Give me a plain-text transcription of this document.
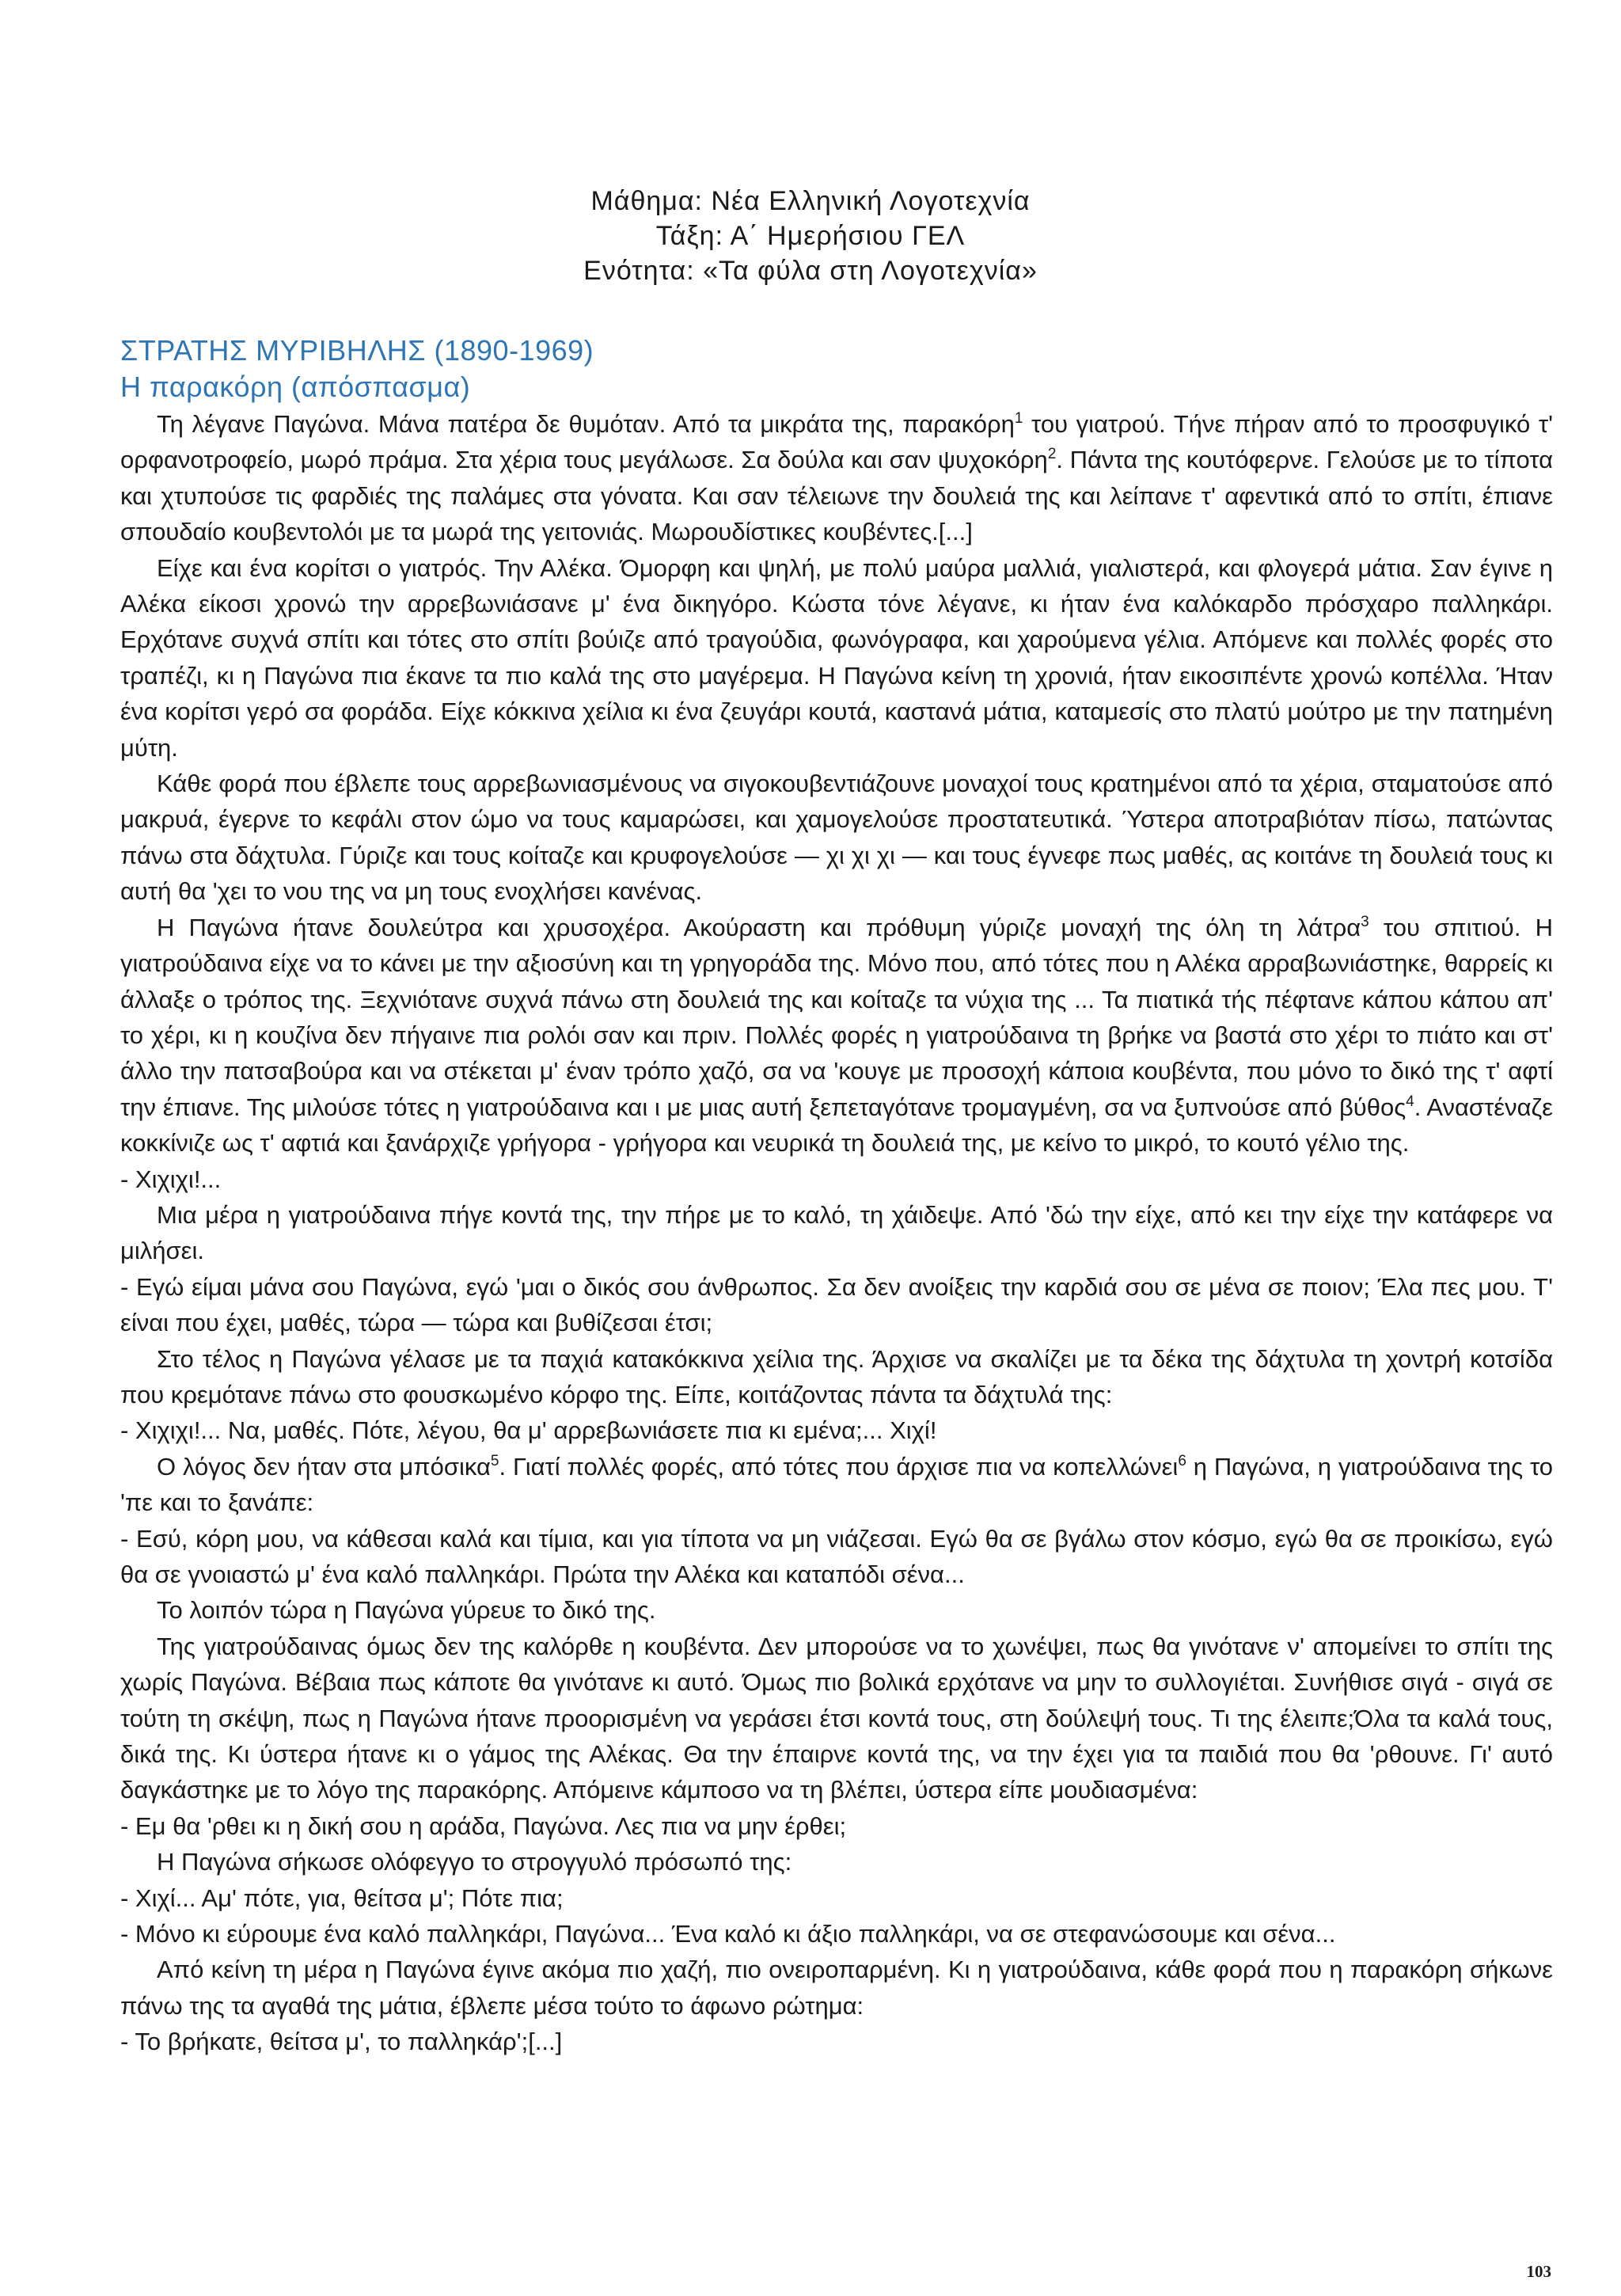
Μάθημα: Νέα Ελληνική Λογοτεχνία
Τάξη: Α΄ Ημερήσιου ΓΕΛ
Ενότητα: «Τα φύλα στη Λογοτεχνία»
ΣΤΡΑΤΗΣ ΜΥΡΙΒΗΛΗΣ (1890-1969)
Η παρακόρη (απόσπασμα)

Τη λέγανε Παγώνα. Μάνα πατέρα δε θυμόταν. Από τα μικράτα της, παρακόρη$^1$ του γιατρού. Τήνε πήραν από το προσφυγικό τ' ορφανοτροφείο, μωρό πράμα. Στα χέρια τους μεγάλωσε. Σα δούλα και σαν ψυχοκόρη$^2$. Πάντα της κουτόφερνε. Γελούσε με το τίποτα και χτυπούσε τις φαρδιές της παλάμες στα γόνατα. Και σαν τέλειωνε την δουλειά της και λείπανε τ' αφεντικά από το σπίτι, έπιανε σπουδαίο κουβεντολόι με τα μωρά της γειτονιάς. Μωρουδίστικες κουβέντες.[...]

Είχε και ένα κορίτσι ο γιατρός. Την Αλέκα. Όμορφη και ψηλή, με πολύ μαύρα μαλλιά, γιαλιστερά, και φλογερά μάτια. Σαν έγινε η Αλέκα είκοσι χρονώ την αρρεβωνιάσανε μ' ένα δικηγόρο. Κώστα τόνε λέγανε, κι ήταν ένα καλόκαρδο πρόσχαρο παλληκάρι. Ερχότανε συχνά σπίτι και τότες στο σπίτι βούιζε από τραγούδια, φωνόγραφα, και χαρούμενα γέλια. Απόμενε και πολλές φορές στο τραπέζι, κι η Παγώνα πια έκανε τα πιο καλά της στο μαγέρεμα. Η Παγώνα κείνη τη χρονιά, ήταν εικοσιπέντε χρονώ κοπέλλα. Ήταν ένα κορίτσι γερό σα φοράδα. Είχε κόκκινα χείλια κι ένα ζευγάρι κουτά, καστανά μάτια, καταμεσίς στο πλατύ μούτρο με την πατημένη μύτη.

Κάθε φορά που έβλεπε τους αρρεβωνιασμένους να σιγοκουβεντιάζουνε μοναχοί τους κρατημένοι από τα χέρια, σταματούσε από μακρυά, έγερνε το κεφάλι στον ώμο να τους καμαρώσει, και χαμογελούσε προστατευτικά. Ύστερα αποτραβιόταν πίσω, πατώντας πάνω στα δάχτυλα. Γύριζε και τους κοίταζε και κρυφογελούσε — χι χι χι — και τους έγνεφε πως μαθές, ας κοιτάνε τη δουλειά τους κι αυτή θα 'χει το νου της να μη τους ενοχλήσει κανένας.

Η Παγώνα ήτανε δουλεύτρα και χρυσοχέρα. Ακούραστη και πρόθυμη γύριζε μοναχή της όλη τη λάτρα$^3$ του σπιτιού. Η γιατρούδαινα είχε να το κάνει με την αξιοσύνη και τη γρηγοράδα της. Μόνο που, από τότες που η Αλέκα αρραβωνιάστηκε, θαρρείς κι άλλαξε ο τρόπος της. Ξεχνιότανε συχνά πάνω στη δουλειά της και κοίταζε τα νύχια της ... Τα πιατικά τής πέφτανε κάπου κάπου απ' το χέρι, κι η κουζίνα δεν πήγαινε πια ρολόι σαν και πριν. Πολλές φορές η γιατρούδαινα τη βρήκε να βαστά στο χέρι το πιάτο και στ' άλλο την πατσαβούρα και να στέκεται μ' έναν τρόπο χαζό, σα να 'κουγε με προσοχή κάποια κουβέντα, που μόνο το δικό της τ' αφτί την έπιανε. Της μιλούσε τότες η γιατρούδαινα και ι με μιας αυτή ξεπεταγότανε τρομαγμένη, σα να ξυπνούσε από βύθος$^4$. Αναστέναζε κοκκίνιζε ως τ' αφτιά και ξανάρχιζε γρήγορα - γρήγορα και νευρικά τη δουλειά της, με κείνο το μικρό, το κουτό γέλιο της.

- Χιχιχι!...

Μια μέρα η γιατρούδαινα πήγε κοντά της, την πήρε με το καλό, τη χάιδεψε. Από 'δώ την είχε, από κει την είχε την κατάφερε να μιλήσει.

- Εγώ είμαι μάνα σου Παγώνα, εγώ 'μαι ο δικός σου άνθρωπος. Σα δεν ανοίξεις την καρδιά σου σε μένα σε ποιον; Έλα πες μου. Τ' είναι που έχει, μαθές, τώρα — τώρα και βυθίζεσαι έτσι;

Στο τέλος η Παγώνα γέλασε με τα παχιά κατακόκκινα χείλια της. Άρχισε να σκαλίζει με τα δέκα της δάχτυλα τη χοντρή κοτσίδα που κρεμότανε πάνω στο φουσκωμένο κόρφο της. Είπε, κοιτάζοντας πάντα τα δάχτυλά της:

- Χιχιχι!... Να, μαθές. Πότε, λέγου, θα μ' αρρεβωνιάσετε πια κι εμένα;... Χιχί!

Ο λόγος δεν ήταν στα μπόσικα$^5$. Γιατί πολλές φορές, από τότες που άρχισε πια να κοπελλώνει$^6$ η Παγώνα, η γιατρούδαινα της το 'πε και το ξανάπε:

- Εσύ, κόρη μου, να κάθεσαι καλά και τίμια, και για τίποτα να μη νιάζεσαι. Εγώ θα σε βγάλω στον κόσμο, εγώ θα σε προικίσω, εγώ θα σε γνοιαστώ μ' ένα καλό παλληκάρι. Πρώτα την Αλέκα και καταπόδι σένα...

Το λοιπόν τώρα η Παγώνα γύρευε το δικό της.

Της γιατρούδαινας όμως δεν της καλόρθε η κουβέντα. Δεν μπορούσε να το χωνέψει, πως θα γινότανε ν' απομείνει το σπίτι της χωρίς Παγώνα. Βέβαια πως κάποτε θα γινότανε κι αυτό. Όμως πιο βολικά ερχότανε να μην το συλλογιέται. Συνήθισε σιγά - σιγά σε τούτη τη σκέψη, πως η Παγώνα ήτανε προορισμένη να γεράσει έτσι κοντά τους, στη δούλεψή τους. Τι της έλειπε;Όλα τα καλά τους, δικά της. Κι ύστερα ήτανε κι ο γάμος της Αλέκας. Θα την έπαιρνε κοντά της, να την έχει για τα παιδιά που θα 'ρθουνε. Γι' αυτό δαγκάστηκε με το λόγο της παρακόρης. Απόμεινε κάμποσο να τη βλέπει, ύστερα είπε μουδιασμένα:

- Εμ θα 'ρθει κι η δική σου η αράδα, Παγώνα. Λες πια να μην έρθει;

Η Παγώνα σήκωσε ολόφεγγο το στρογγυλό πρόσωπό της:

- Χιχί... Αμ' πότε, για, θείτσα μ'; Πότε πια;

- Μόνο κι εύρουμε ένα καλό παλληκάρι, Παγώνα... Ένα καλό κι άξιο παλληκάρι, να σε στεφανώσουμε και σένα...

Από κείνη τη μέρα η Παγώνα έγινε ακόμα πιο χαζή, πιο ονειροπαρμένη. Κι η γιατρούδαινα, κάθε φορά που η παρακόρη σήκωνε πάνω της τα αγαθά της μάτια, έβλεπε μέσα τούτο το άφωνο ρώτημα:

- Το βρήκατε, θείτσα μ', το παλληκάρ';[...]

103
